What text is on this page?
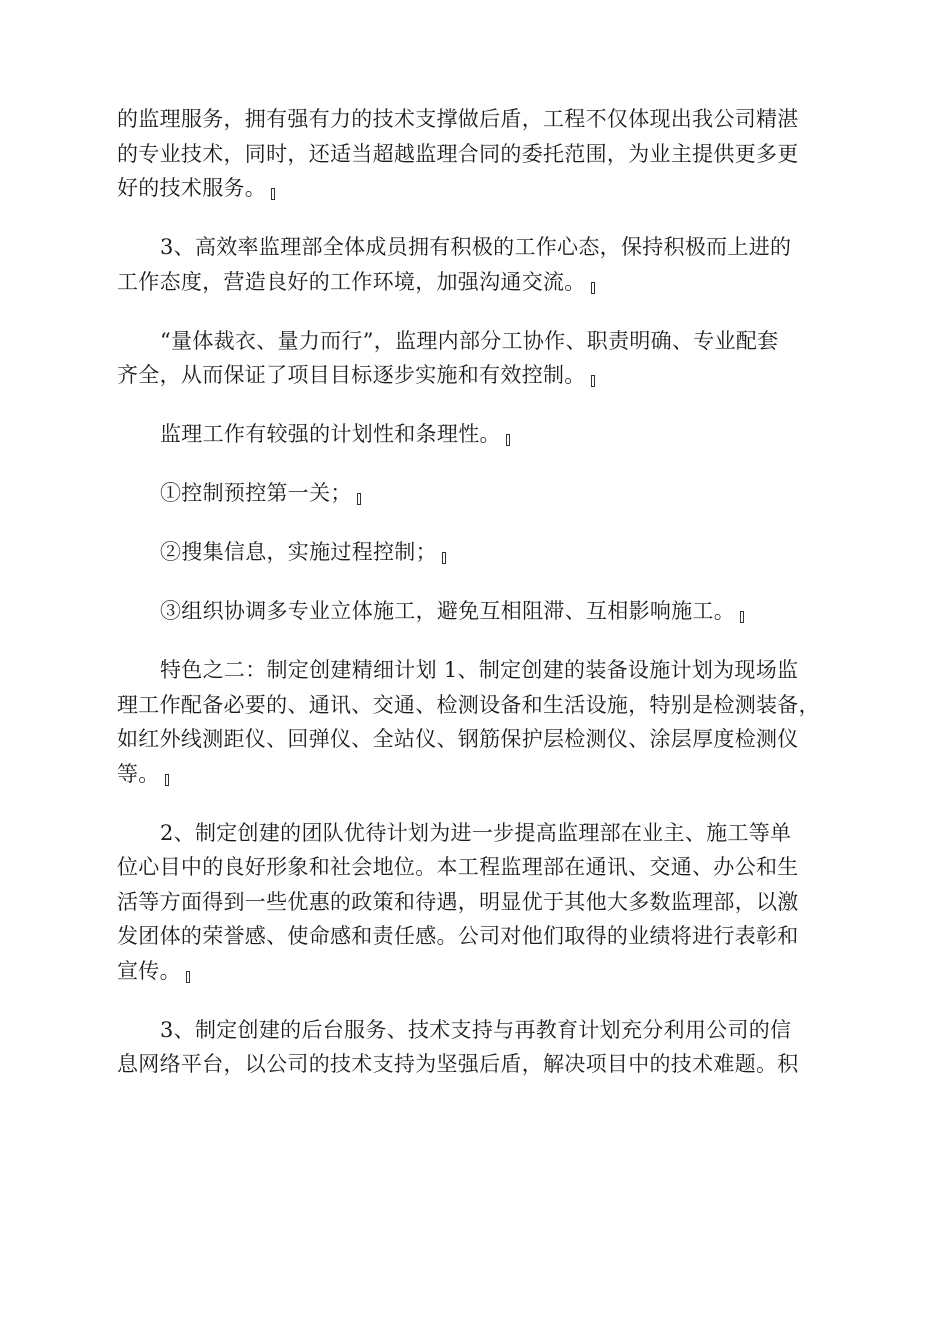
的监理服务，拥有强有力的技术支撑做后盾，工程不仅体现出我公司精湛
的专业技术，同时，还适当超越监理合同的委托范围，为业主提供更多更
好的技术服务。
3、高效率监理部全体成员拥有积极的工作心态，保持积极而上进的
工作态度，营造良好的工作环境，加强沟通交流。
“量体裁衣、量力而行”，监理内部分工协作、职责明确、专业配套
齐全，从而保证了项目目标逐步实施和有效控制。
监理工作有较强的计划性和条理性。
①控制预控第一关；
②搜集信息，实施过程控制；
③组织协调多专业立体施工，避免互相阻滞、互相影响施工。
特色之二：制定创建精细计划 1、制定创建的装备设施计划为现场监
理工作配备必要的、通讯、交通、检测设备和生活设施，特别是检测装备，
如红外线测距仪、回弹仪、全站仪、钢筋保护层检测仪、涂层厚度检测仪
等。
2、制定创建的团队优待计划为进一步提高监理部在业主、施工等单
位心目中的良好形象和社会地位。本工程监理部在通讯、交通、办公和生
活等方面得到一些优惠的政策和待遇，明显优于其他大多数监理部，以激
发团体的荣誉感、使命感和责任感。公司对他们取得的业绩将进行表彰和
宣传。
3、制定创建的后台服务、技术支持与再教育计划充分利用公司的信
息网络平台，以公司的技术支持为坚强后盾，解决项目中的技术难题。积
